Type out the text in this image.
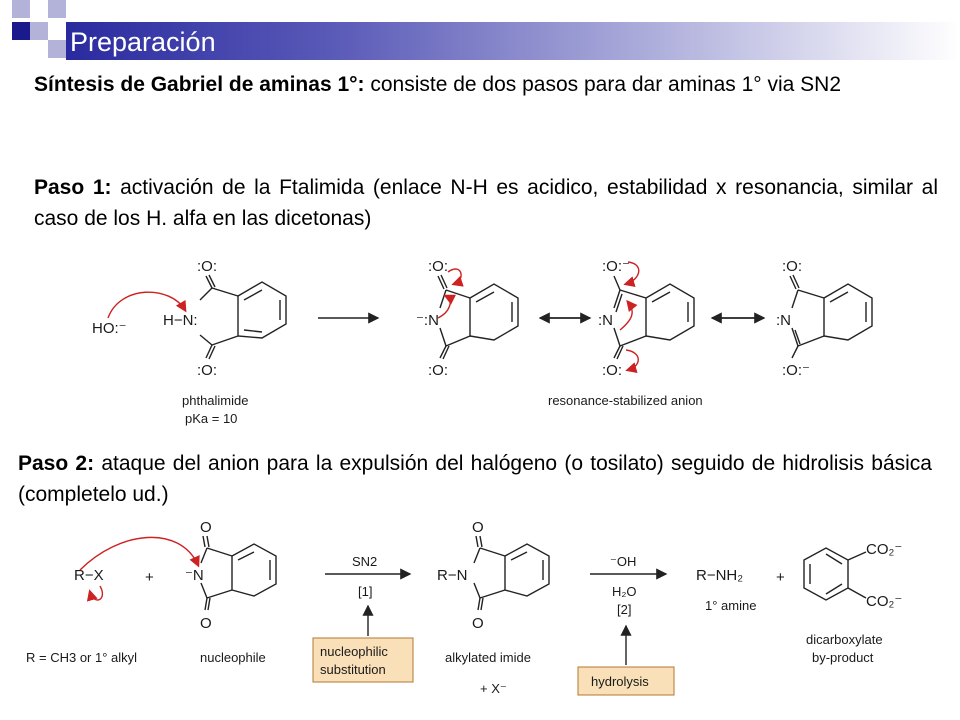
Preparación

Síntesis de Gabriel de aminas 1°: consiste de dos pasos para dar aminas 1° via SN2

Paso 1: activación de la Ftalimida (enlace N-H es acidico, estabilidad x resonancia, similar al caso de los H. alfa en las dicetonas)

Paso 2: ataque del anion para la expulsión del halógeno (o tosilato) seguido de hidrolisis básica (completelo ud.)

HO:⁻ H−N:
:O:
:O:
phthalimide
pKa = 10
⁻:N
:O:
:O:
:N
:O:⁻
:O:
:N
:O:
:O:⁻
resonance-stabilized anion
R−X	+ ⁻N
O
O
R = CH3 or 1° alkyl	nucleophile
SN2
[1]
nucleophilic
substitution
R−N
O
O
alkylated imide
+ X⁻
⁻OH
H₂O
[2]
hydrolysis
R−NH₂
1° amine
+
CO₂⁻
CO₂⁻
dicarboxylate
by-product
